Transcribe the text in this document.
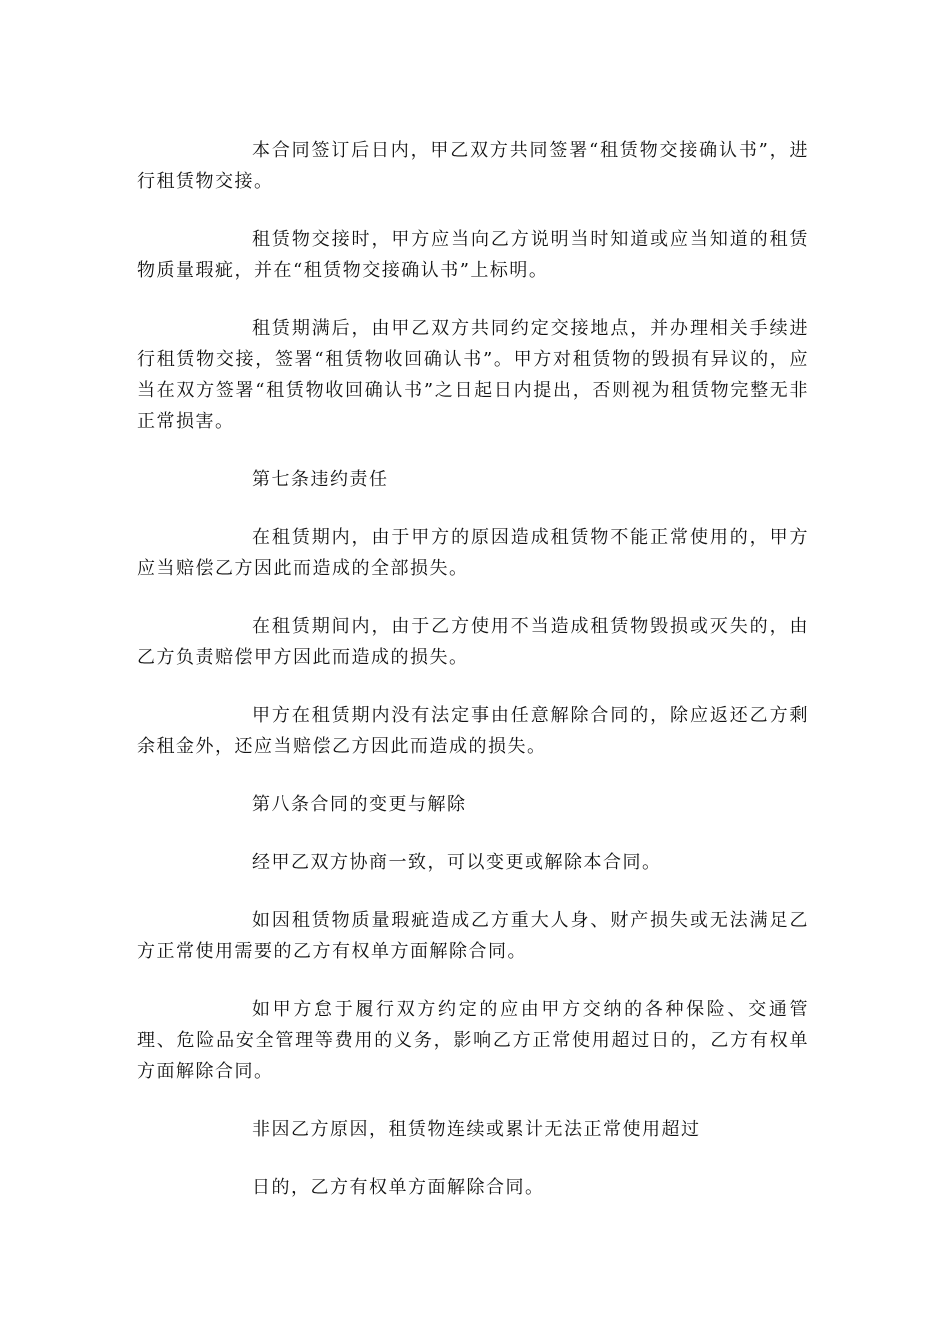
本合同签订后日内，甲乙双方共同签署“租赁物交接确认书”，进行租赁物交接。

租赁物交接时，甲方应当向乙方说明当时知道或应当知道的租赁物质量瑕疵，并在“租赁物交接确认书”上标明。

租赁期满后，由甲乙双方共同约定交接地点，并办理相关手续进行租赁物交接，签署“租赁物收回确认书”。甲方对租赁物的毁损有异议的，应当在双方签署“租赁物收回确认书”之日起日内提出，否则视为租赁物完整无非正常损害。

第七条违约责任

在租赁期内，由于甲方的原因造成租赁物不能正常使用的，甲方应当赔偿乙方因此而造成的全部损失。

在租赁期间内，由于乙方使用不当造成租赁物毁损或灭失的，由乙方负责赔偿甲方因此而造成的损失。

甲方在租赁期内没有法定事由任意解除合同的，除应返还乙方剩余租金外，还应当赔偿乙方因此而造成的损失。

第八条合同的变更与解除

经甲乙双方协商一致，可以变更或解除本合同。

如因租赁物质量瑕疵造成乙方重大人身、财产损失或无法满足乙方正常使用需要的乙方有权单方面解除合同。

如甲方怠于履行双方约定的应由甲方交纳的各种保险、交通管理、危险品安全管理等费用的义务，影响乙方正常使用超过日的，乙方有权单方面解除合同。

非因乙方原因，租赁物连续或累计无法正常使用超过

日的，乙方有权单方面解除合同。
